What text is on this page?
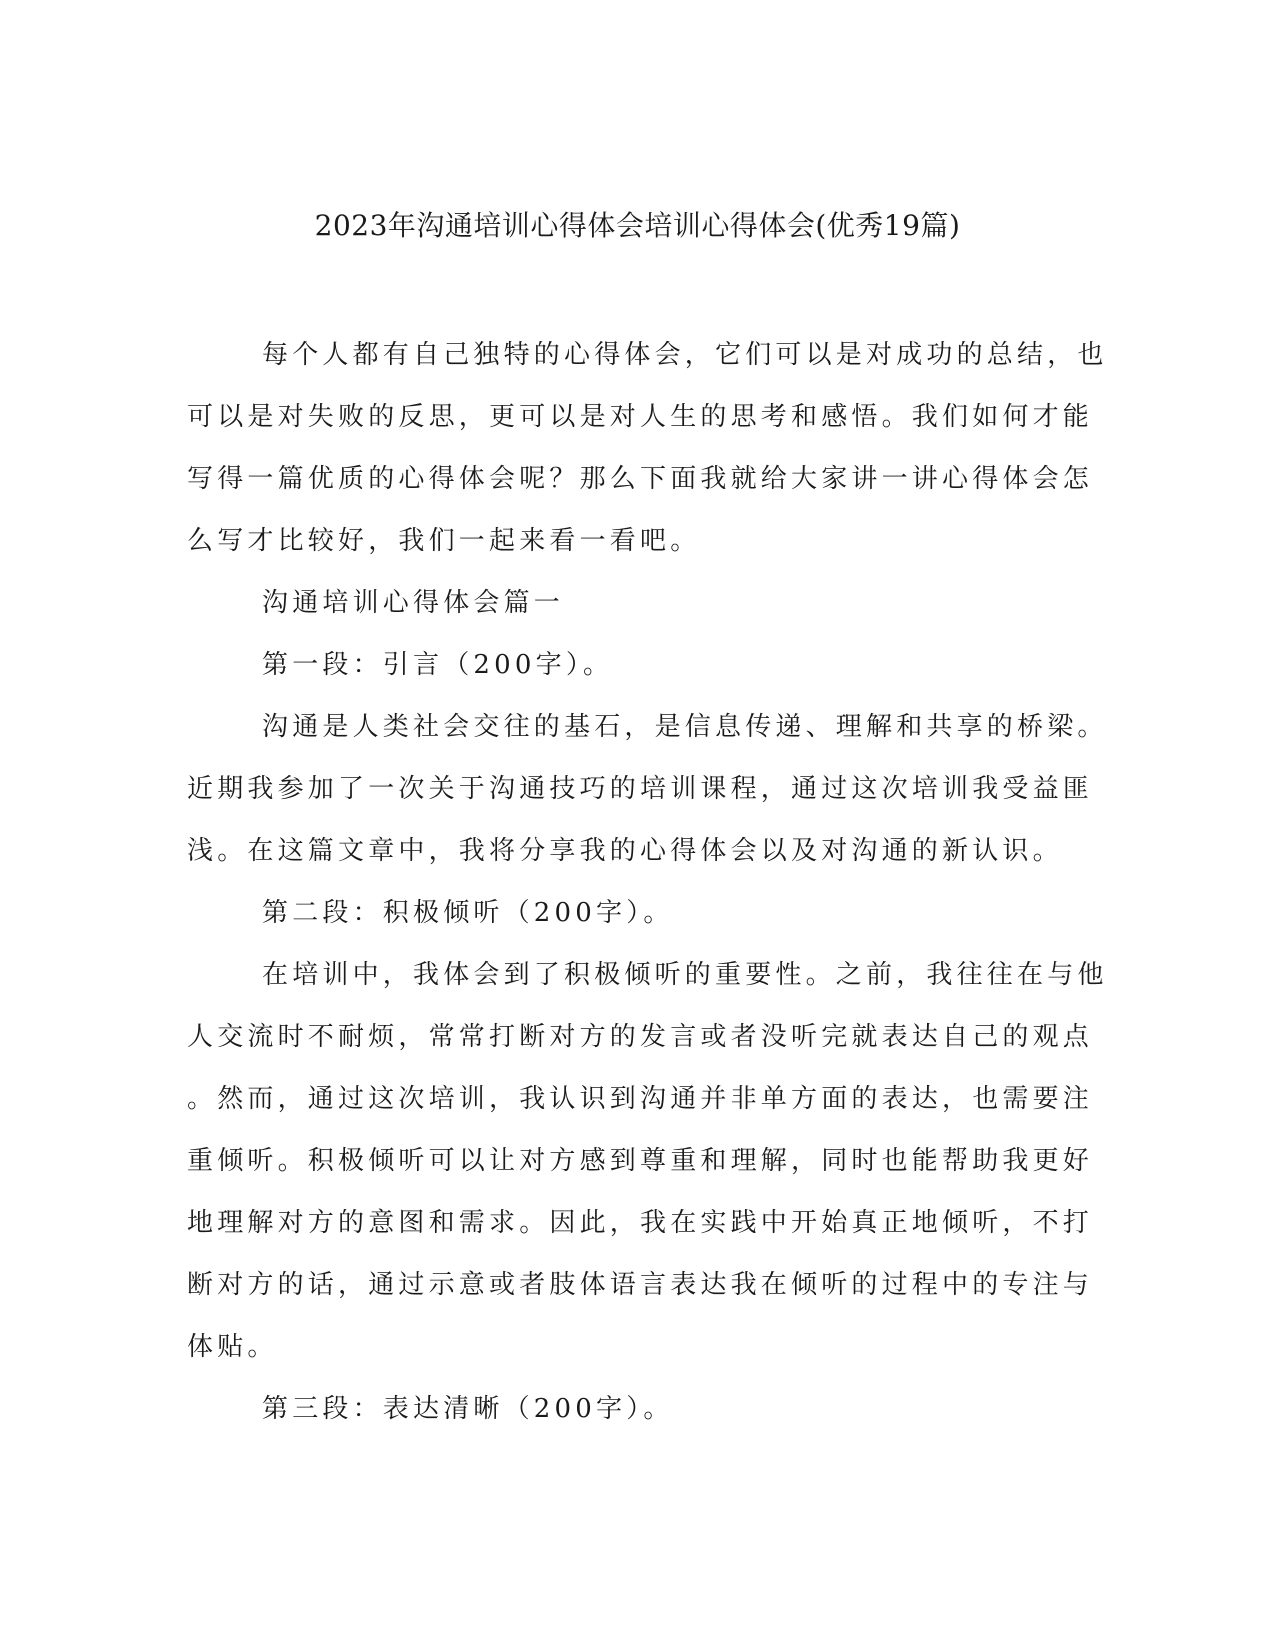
2023年沟通培训心得体会培训心得体会(优秀19篇)
每个人都有自己独特的心得体会，它们可以是对成功的总结，也
可以是对失败的反思，更可以是对人生的思考和感悟。我们如何才能
写得一篇优质的心得体会呢？那么下面我就给大家讲一讲心得体会怎
么写才比较好，我们一起来看一看吧。
沟通培训心得体会篇一
第一段：引言（200字）。
沟通是人类社会交往的基石，是信息传递、理解和共享的桥梁。
近期我参加了一次关于沟通技巧的培训课程，通过这次培训我受益匪
浅。在这篇文章中，我将分享我的心得体会以及对沟通的新认识。
第二段：积极倾听（200字）。
在培训中，我体会到了积极倾听的重要性。之前，我往往在与他
人交流时不耐烦，常常打断对方的发言或者没听完就表达自己的观点
。然而，通过这次培训，我认识到沟通并非单方面的表达，也需要注
重倾听。积极倾听可以让对方感到尊重和理解，同时也能帮助我更好
地理解对方的意图和需求。因此，我在实践中开始真正地倾听，不打
断对方的话，通过示意或者肢体语言表达我在倾听的过程中的专注与
体贴。
第三段：表达清晰（200字）。
